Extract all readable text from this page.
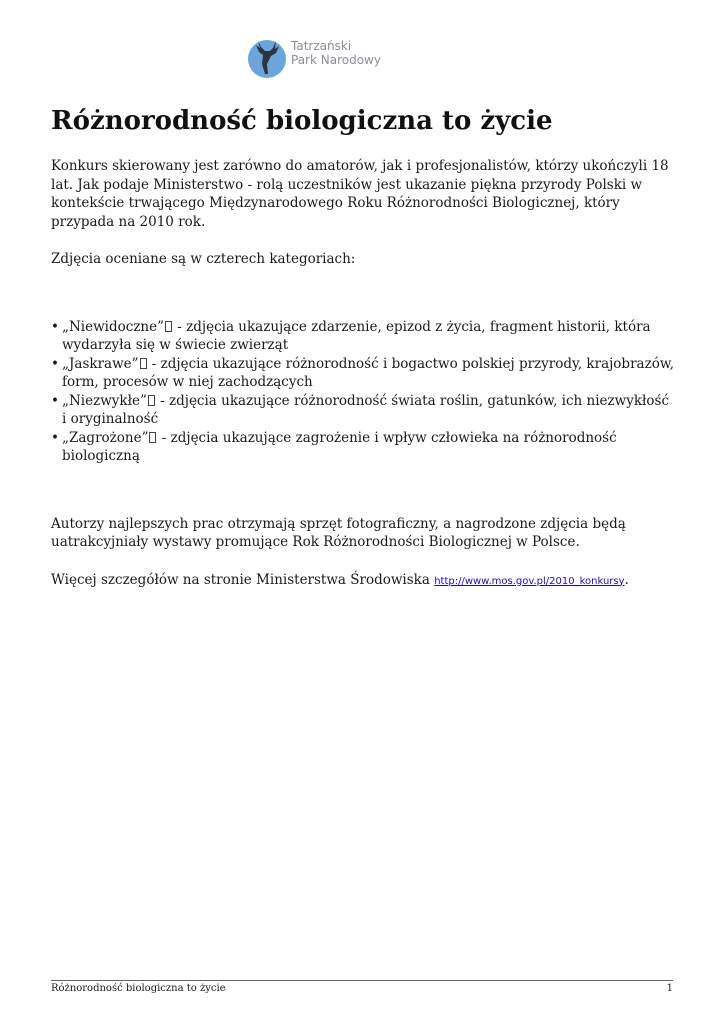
Tatrzański
Park Narodowy
Różnorodność biologiczna to życie

Konkurs skierowany jest zarówno do amatorów, jak i profesjonalistów, którzy ukończyli 18 lat. Jak podaje Ministerstwo - rolą uczestników jest ukazanie piękna przyrody Polski w kontekście trwającego Międzynarodowego Roku Różnorodności Biologicznej, który przypada na 2010 rok.

Zdjęcia oceniane są w czterech kategoriach:

• „Niewidoczne” - zdjęcia ukazujące zdarzenie, epizod z życia, fragment historii, która wydarzyła się w świecie zwierząt
• „Jaskrawe” - zdjęcia ukazujące różnorodność i bogactwo polskiej przyrody, krajobrazów, form, procesów w niej zachodzących
• „Niezwykłe” - zdjęcia ukazujące różnorodność świata roślin, gatunków, ich niezwykłość i oryginalność
• „Zagrożone” - zdjęcia ukazujące zagrożenie i wpływ człowieka na różnorodność biologiczną

Autorzy najlepszych prac otrzymają sprzęt fotograficzny, a nagrodzone zdjęcia będą uatrakcyjniały wystawy promujące Rok Różnorodności Biologicznej w Polsce.

Więcej szczegółów na stronie Ministerstwa Środowiska http://www.mos.gov.pl/2010_konkursy.

Różnorodność biologiczna to życie	1
